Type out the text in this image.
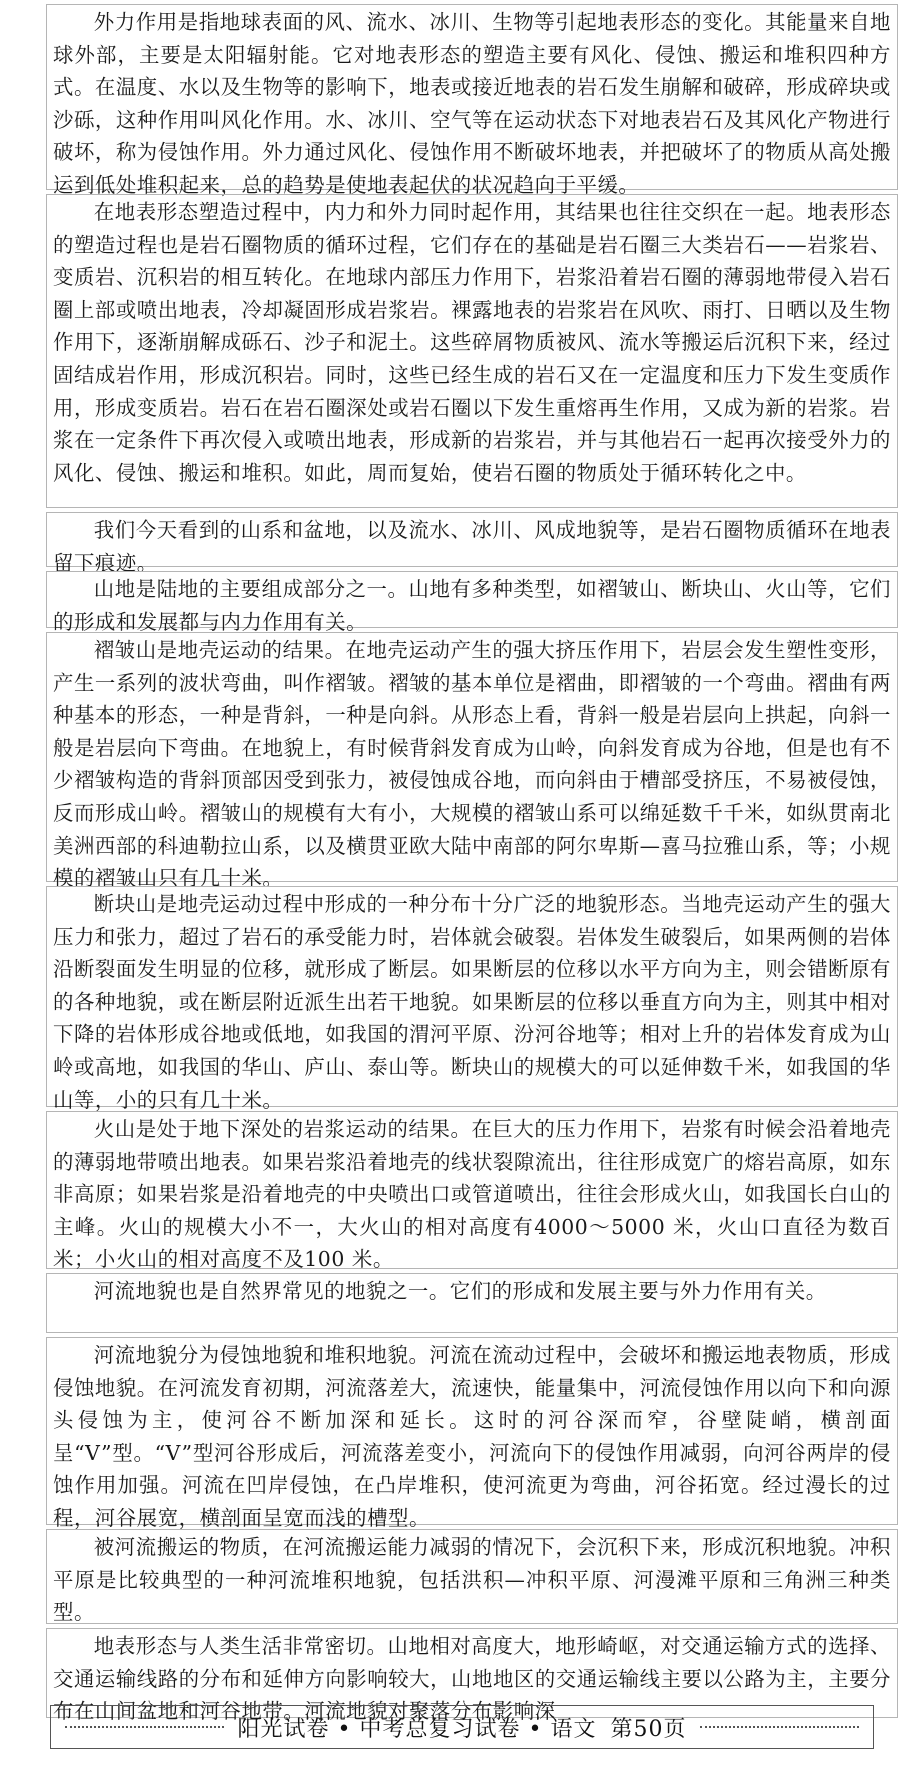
外力作用是指地球表面的风、流水、冰川、生物等引起地表形态的变化。其能量来自地球外部，主要是太阳辐射能。它对地表形态的塑造主要有风化、侵蚀、搬运和堆积四种方式。在温度、水以及生物等的影响下，地表或接近地表的岩石发生崩解和破碎，形成碎块或沙砾，这种作用叫风化作用。水、冰川、空气等在运动状态下对地表岩石及其风化产物进行破坏，称为侵蚀作用。外力通过风化、侵蚀作用不断破坏地表，并把破坏了的物质从高处搬运到低处堆积起来，总的趋势是使地表起伏的状况趋向于平缓。

在地表形态塑造过程中，内力和外力同时起作用，其结果也往往交织在一起。地表形态的塑造过程也是岩石圈物质的循环过程，它们存在的基础是岩石圈三大类岩石——岩浆岩、变质岩、沉积岩的相互转化。在地球内部压力作用下，岩浆沿着岩石圈的薄弱地带侵入岩石圈上部或喷出地表，冷却凝固形成岩浆岩。裸露地表的岩浆岩在风吹、雨打、日晒以及生物作用下，逐渐崩解成砾石、沙子和泥土。这些碎屑物质被风、流水等搬运后沉积下来，经过固结成岩作用，形成沉积岩。同时，这些已经生成的岩石又在一定温度和压力下发生变质作用，形成变质岩。岩石在岩石圈深处或岩石圈以下发生重熔再生作用，又成为新的岩浆。岩浆在一定条件下再次侵入或喷出地表，形成新的岩浆岩，并与其他岩石一起再次接受外力的风化、侵蚀、搬运和堆积。如此，周而复始，使岩石圈的物质处于循环转化之中。

我们今天看到的山系和盆地，以及流水、冰川、风成地貌等，是岩石圈物质循环在地表留下痕迹。

山地是陆地的主要组成部分之一。山地有多种类型，如褶皱山、断块山、火山等，它们的形成和发展都与内力作用有关。

褶皱山是地壳运动的结果。在地壳运动产生的强大挤压作用下，岩层会发生塑性变形，产生一系列的波状弯曲，叫作褶皱。褶皱的基本单位是褶曲，即褶皱的一个弯曲。褶曲有两种基本的形态，一种是背斜，一种是向斜。从形态上看，背斜一般是岩层向上拱起，向斜一般是岩层向下弯曲。在地貌上，有时候背斜发育成为山岭，向斜发育成为谷地，但是也有不少褶皱构造的背斜顶部因受到张力，被侵蚀成谷地，而向斜由于槽部受挤压，不易被侵蚀，反而形成山岭。褶皱山的规模有大有小，大规模的褶皱山系可以绵延数千千米，如纵贯南北美洲西部的科迪勒拉山系，以及横贯亚欧大陆中南部的阿尔卑斯—喜马拉雅山系，等；小规模的褶皱山只有几十米。

断块山是地壳运动过程中形成的一种分布十分广泛的地貌形态。当地壳运动产生的强大压力和张力，超过了岩石的承受能力时，岩体就会破裂。岩体发生破裂后，如果两侧的岩体沿断裂面发生明显的位移，就形成了断层。如果断层的位移以水平方向为主，则会错断原有的各种地貌，或在断层附近派生出若干地貌。如果断层的位移以垂直方向为主，则其中相对下降的岩体形成谷地或低地，如我国的渭河平原、汾河谷地等；相对上升的岩体发育成为山岭或高地，如我国的华山、庐山、泰山等。断块山的规模大的可以延伸数千米，如我国的华山等，小的只有几十米。

火山是处于地下深处的岩浆运动的结果。在巨大的压力作用下，岩浆有时候会沿着地壳的薄弱地带喷出地表。如果岩浆沿着地壳的线状裂隙流出，往往形成宽广的熔岩高原，如东非高原；如果岩浆是沿着地壳的中央喷出口或管道喷出，往往会形成火山，如我国长白山的主峰。火山的规模大小不一，大火山的相对高度有4000～5000 米，火山口直径为数百米；小火山的相对高度不及100 米。

河流地貌也是自然界常见的地貌之一。它们的形成和发展主要与外力作用有关。

河流地貌分为侵蚀地貌和堆积地貌。河流在流动过程中，会破坏和搬运地表物质，形成侵蚀地貌。在河流发育初期，河流落差大，流速快，能量集中，河流侵蚀作用以向下和向源头侵蚀为主，使河谷不断加深和延长。这时的河谷深而窄，谷壁陡峭，横剖面呈“V”型。“V”型河谷形成后，河流落差变小，河流向下的侵蚀作用减弱，向河谷两岸的侵蚀作用加强。河流在凹岸侵蚀，在凸岸堆积，使河流更为弯曲，河谷拓宽。经过漫长的过程，河谷展宽，横剖面呈宽而浅的槽型。

被河流搬运的物质，在河流搬运能力减弱的情况下，会沉积下来，形成沉积地貌。冲积平原是比较典型的一种河流堆积地貌，包括洪积—冲积平原、河漫滩平原和三角洲三种类型。

地表形态与人类生活非常密切。山地相对高度大，地形崎岖，对交通运输方式的选择、交通运输线路的分布和延伸方向影响较大，山地地区的交通运输线主要以公路为主，主要分布在山间盆地和河谷地带。河流地貌对聚落分布影响深

阳光试卷 • 中考总复习试卷 • 语文 第50页
